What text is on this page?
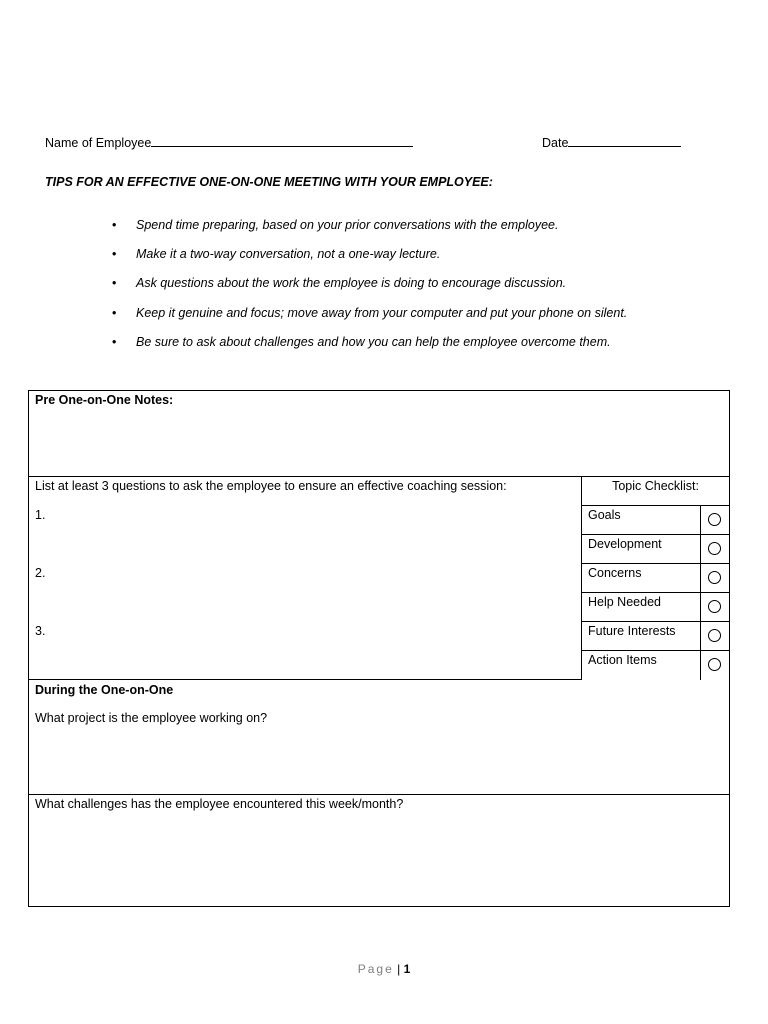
Name of Employee	Date
TIPS FOR AN EFFECTIVE ONE-ON-ONE MEETING WITH YOUR EMPLOYEE:
• Spend time preparing, based on your prior conversations with the employee.
• Make it a two-way conversation, not a one-way lecture.
• Ask questions about the work the employee is doing to encourage discussion.
• Keep it genuine and focus; move away from your computer and put your phone on silent.
• Be sure to ask about challenges and how you can help the employee overcome them.
Pre One-on-One Notes:
List at least 3 questions to ask the employee to ensure an effective coaching session:
1.
2.
3.
Topic Checklist:
Goals
Development
Concerns
Help Needed
Future Interests
Action Items
During the One-on-One
What project is the employee working on?
What challenges has the employee encountered this week/month?
Page | 1
